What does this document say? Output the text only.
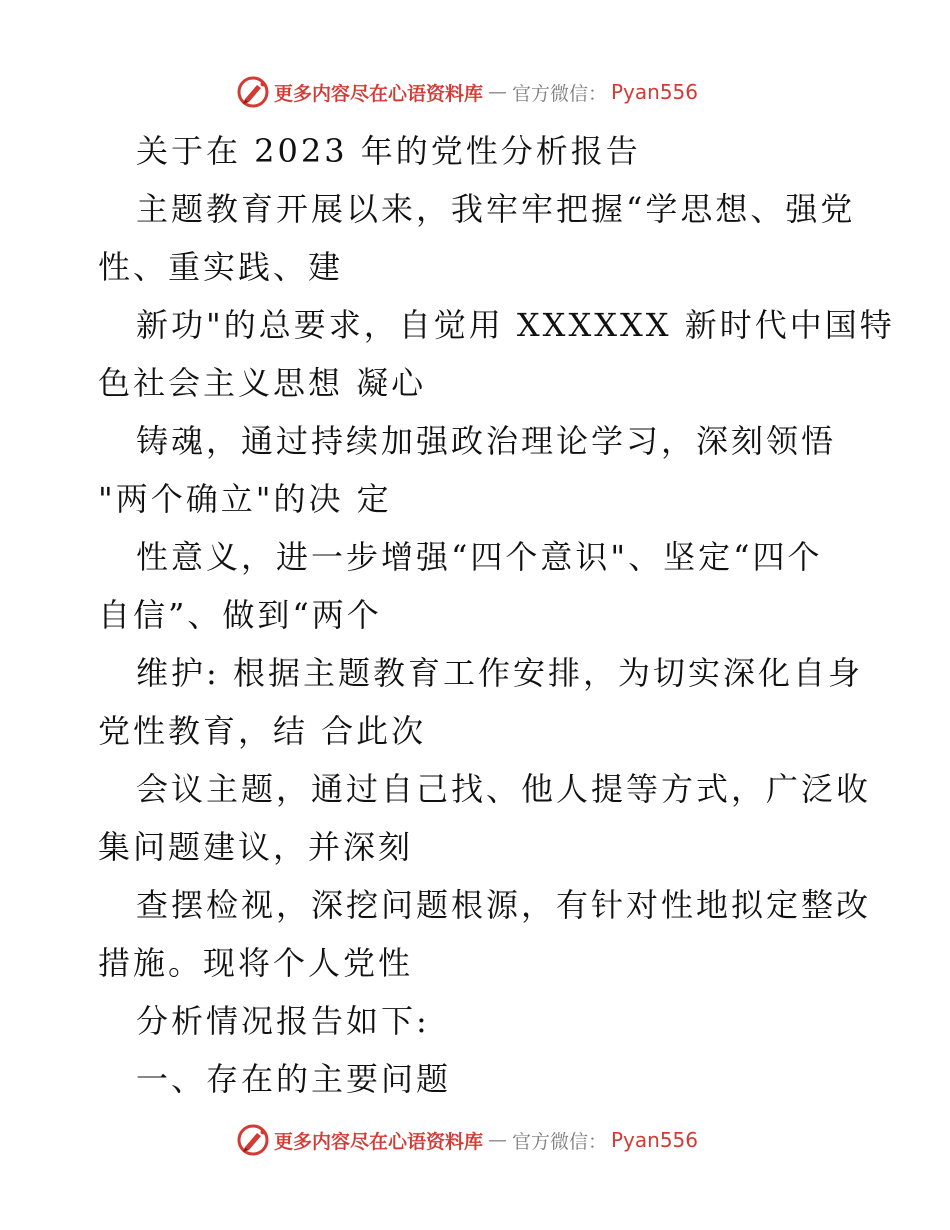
更多内容尽在心语资料库 — 官方微信： Pyan556
关于在 2023 年的党性分析报告
主题教育开展以来，我牢牢把握“学思想、强党
性、重实践、建
新功"的总要求，自觉用 XXXXXX 新时代中国特
色社会主义思想 凝心
铸魂，通过持续加强政治理论学习，深刻领悟
"两个确立"的决 定
性意义，进一步增强“四个意识"、坚定“四个
自信”、做到“两个
维护: 根据主题教育工作安排，为切实深化自身
党性教育，结 合此次
会议主题，通过自己找、他人提等方式，广泛收
集问题建议，并深刻
查摆检视，深挖问题根源，有针对性地拟定整改
措施。现将个人党性
分析情况报告如下:
一、存在的主要问题
更多内容尽在心语资料库 — 官方微信： Pyan556
